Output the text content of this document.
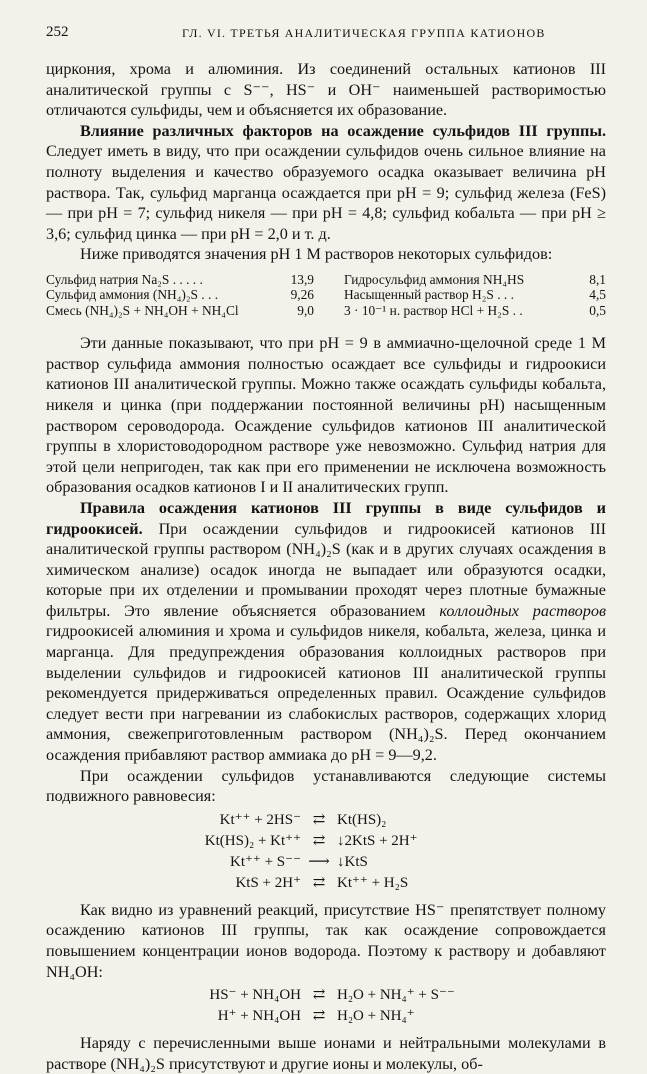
252	ГЛ. VI. ТРЕТЬЯ АНАЛИТИЧЕСКАЯ ГРУППА КАТИОНОВ

циркония, хрома и алюминия. Из соединений остальных катионов III аналитической группы с S⁻⁻, HS⁻ и OH⁻ наименьшей растворимостью отличаются сульфиды, чем и объясняется их образование.

Влияние различных факторов на осаждение сульфидов III группы. Следует иметь в виду, что при осаждении сульфидов очень сильное влияние на полноту выделения и качество образуемого осадка оказывает величина pH раствора. Так, сульфид марганца осаждается при pH = 9; сульфид железа (FeS) — при pH = 7; сульфид никеля — при pH = 4,8; сульфид кобальта — при pH ≥ 3,6; сульфид цинка — при pH = 2,0 и т. д.

Ниже приводятся значения pH 1 М растворов некоторых сульфидов:

Сульфид натрия Na₂S . . . . .	13,9
Сульфид аммония (NH₄)₂S . . .	9,26
Смесь (NH₄)₂S + NH₄OH + NH₄Cl	9,0
Гидросульфид аммония NH₄HS	8,1
Насыщенный раствор H₂S . . .	4,5
3 · 10⁻¹ н. раствор HCl + H₂S . .	0,5

Эти данные показывают, что при pH = 9 в аммиачно-щелочной среде 1 М раствор сульфида аммония полностью осаждает все сульфиды и гидроокиси катионов III аналитической группы. Можно также осаждать сульфиды кобальта, никеля и цинка (при поддержании постоянной величины pH) насыщенным раствором сероводорода. Осаждение сульфидов катионов III аналитической группы в хлористоводородном растворе уже невозможно. Сульфид натрия для этой цели непригоден, так как при его применении не исключена возможность образования осадков катионов I и II аналитических групп.

Правила осаждения катионов III группы в виде сульфидов и гидроокисей. При осаждении сульфидов и гидроокисей катионов III аналитической группы раствором (NH₄)₂S (как и в других случаях осаждения в химическом анализе) осадок иногда не выпадает или образуются осадки, которые при их отделении и промывании проходят через плотные бумажные фильтры. Это явление объясняется образованием коллоидных растворов гидроокисей алюминия и хрома и сульфидов никеля, кобальта, железа, цинка и марганца. Для предупреждения образования коллоидных растворов при выделении сульфидов и гидроокисей катионов III аналитической группы рекомендуется придерживаться определенных правил. Осаждение сульфидов следует вести при нагревании из слабокислых растворов, содержащих хлорид аммония, свежеприготовленным раствором (NH₄)₂S. Перед окончанием осаждения прибавляют раствор аммиака до pH = 9—9,2.

При осаждении сульфидов устанавливаются следующие системы подвижного равновесия:

Kt⁺⁺ + 2HS⁻ ⇄ Kt(HS)₂
Kt(HS)₂ + Kt⁺⁺ ⇄ ↓2KtS + 2H⁺
Kt⁺⁺ + S⁻⁻ ⟶ ↓KtS
KtS + 2H⁺ ⇄ Kt⁺⁺ + H₂S

Как видно из уравнений реакций, присутствие HS⁻ препятствует полному осаждению катионов III группы, так как осаждение сопровождается повышением концентрации ионов водорода. Поэтому к раствору и добавляют NH₄OH:

HS⁻ + NH₄OH ⇄ H₂O + NH₄⁺ + S⁻⁻
H⁺ + NH₄OH ⇄ H₂O + NH₄⁺

Наряду с перечисленными выше ионами и нейтральными молекулами в растворе (NH₄)₂S присутствуют и другие ионы и молекулы, об-
